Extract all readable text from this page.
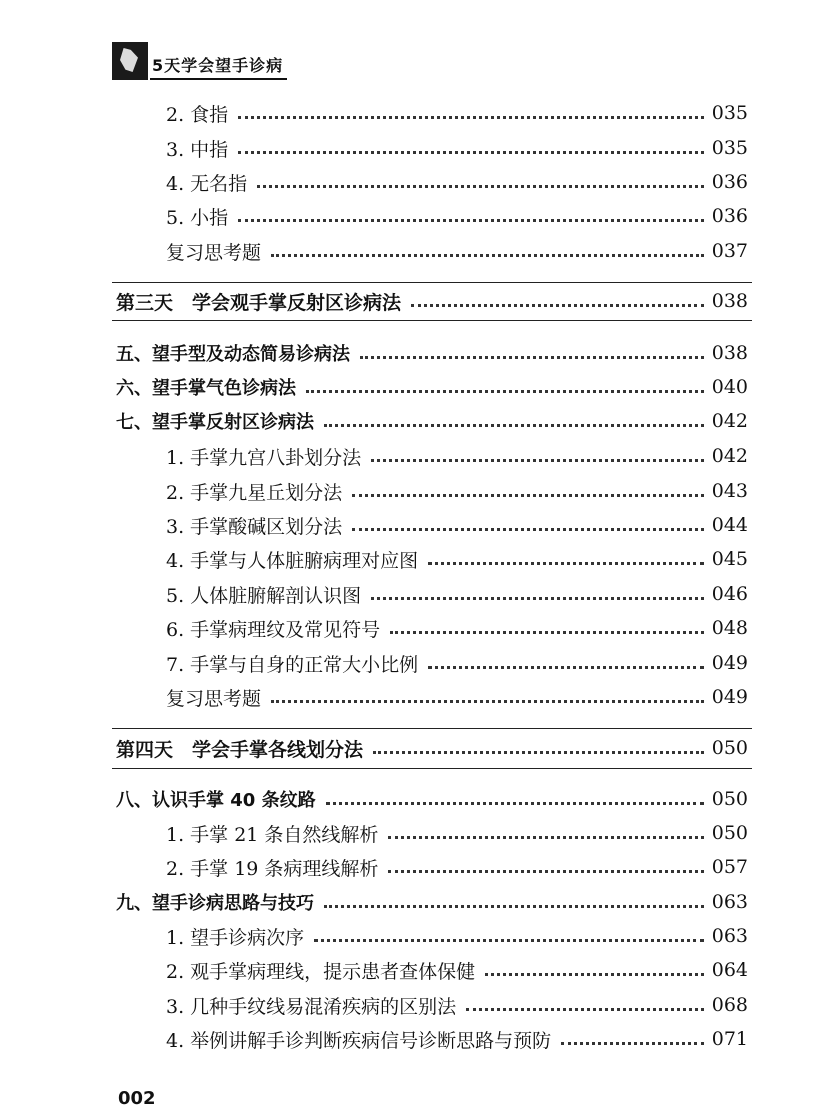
5天学会望手诊病
2. 食指	035
3. 中指	035
4. 无名指	036
5. 小指	036
复习思考题	037
第三天　学会观手掌反射区诊病法	038
五、望手型及动态简易诊病法	038
六、望手掌气色诊病法	040
七、望手掌反射区诊病法	042
1. 手掌九宫八卦划分法	042
2. 手掌九星丘划分法	043
3. 手掌酸碱区划分法	044
4. 手掌与人体脏腑病理对应图	045
5. 人体脏腑解剖认识图	046
6. 手掌病理纹及常见符号	048
7. 手掌与自身的正常大小比例	049
复习思考题	049
第四天　学会手掌各线划分法	050
八、认识手掌 40 条纹路	050
1. 手掌 21 条自然线解析	050
2. 手掌 19 条病理线解析	057
九、望手诊病思路与技巧	063
1. 望手诊病次序	063
2. 观手掌病理线，提示患者查体保健	064
3. 几种手纹线易混淆疾病的区别法	068
4. 举例讲解手诊判断疾病信号诊断思路与预防	071
002
